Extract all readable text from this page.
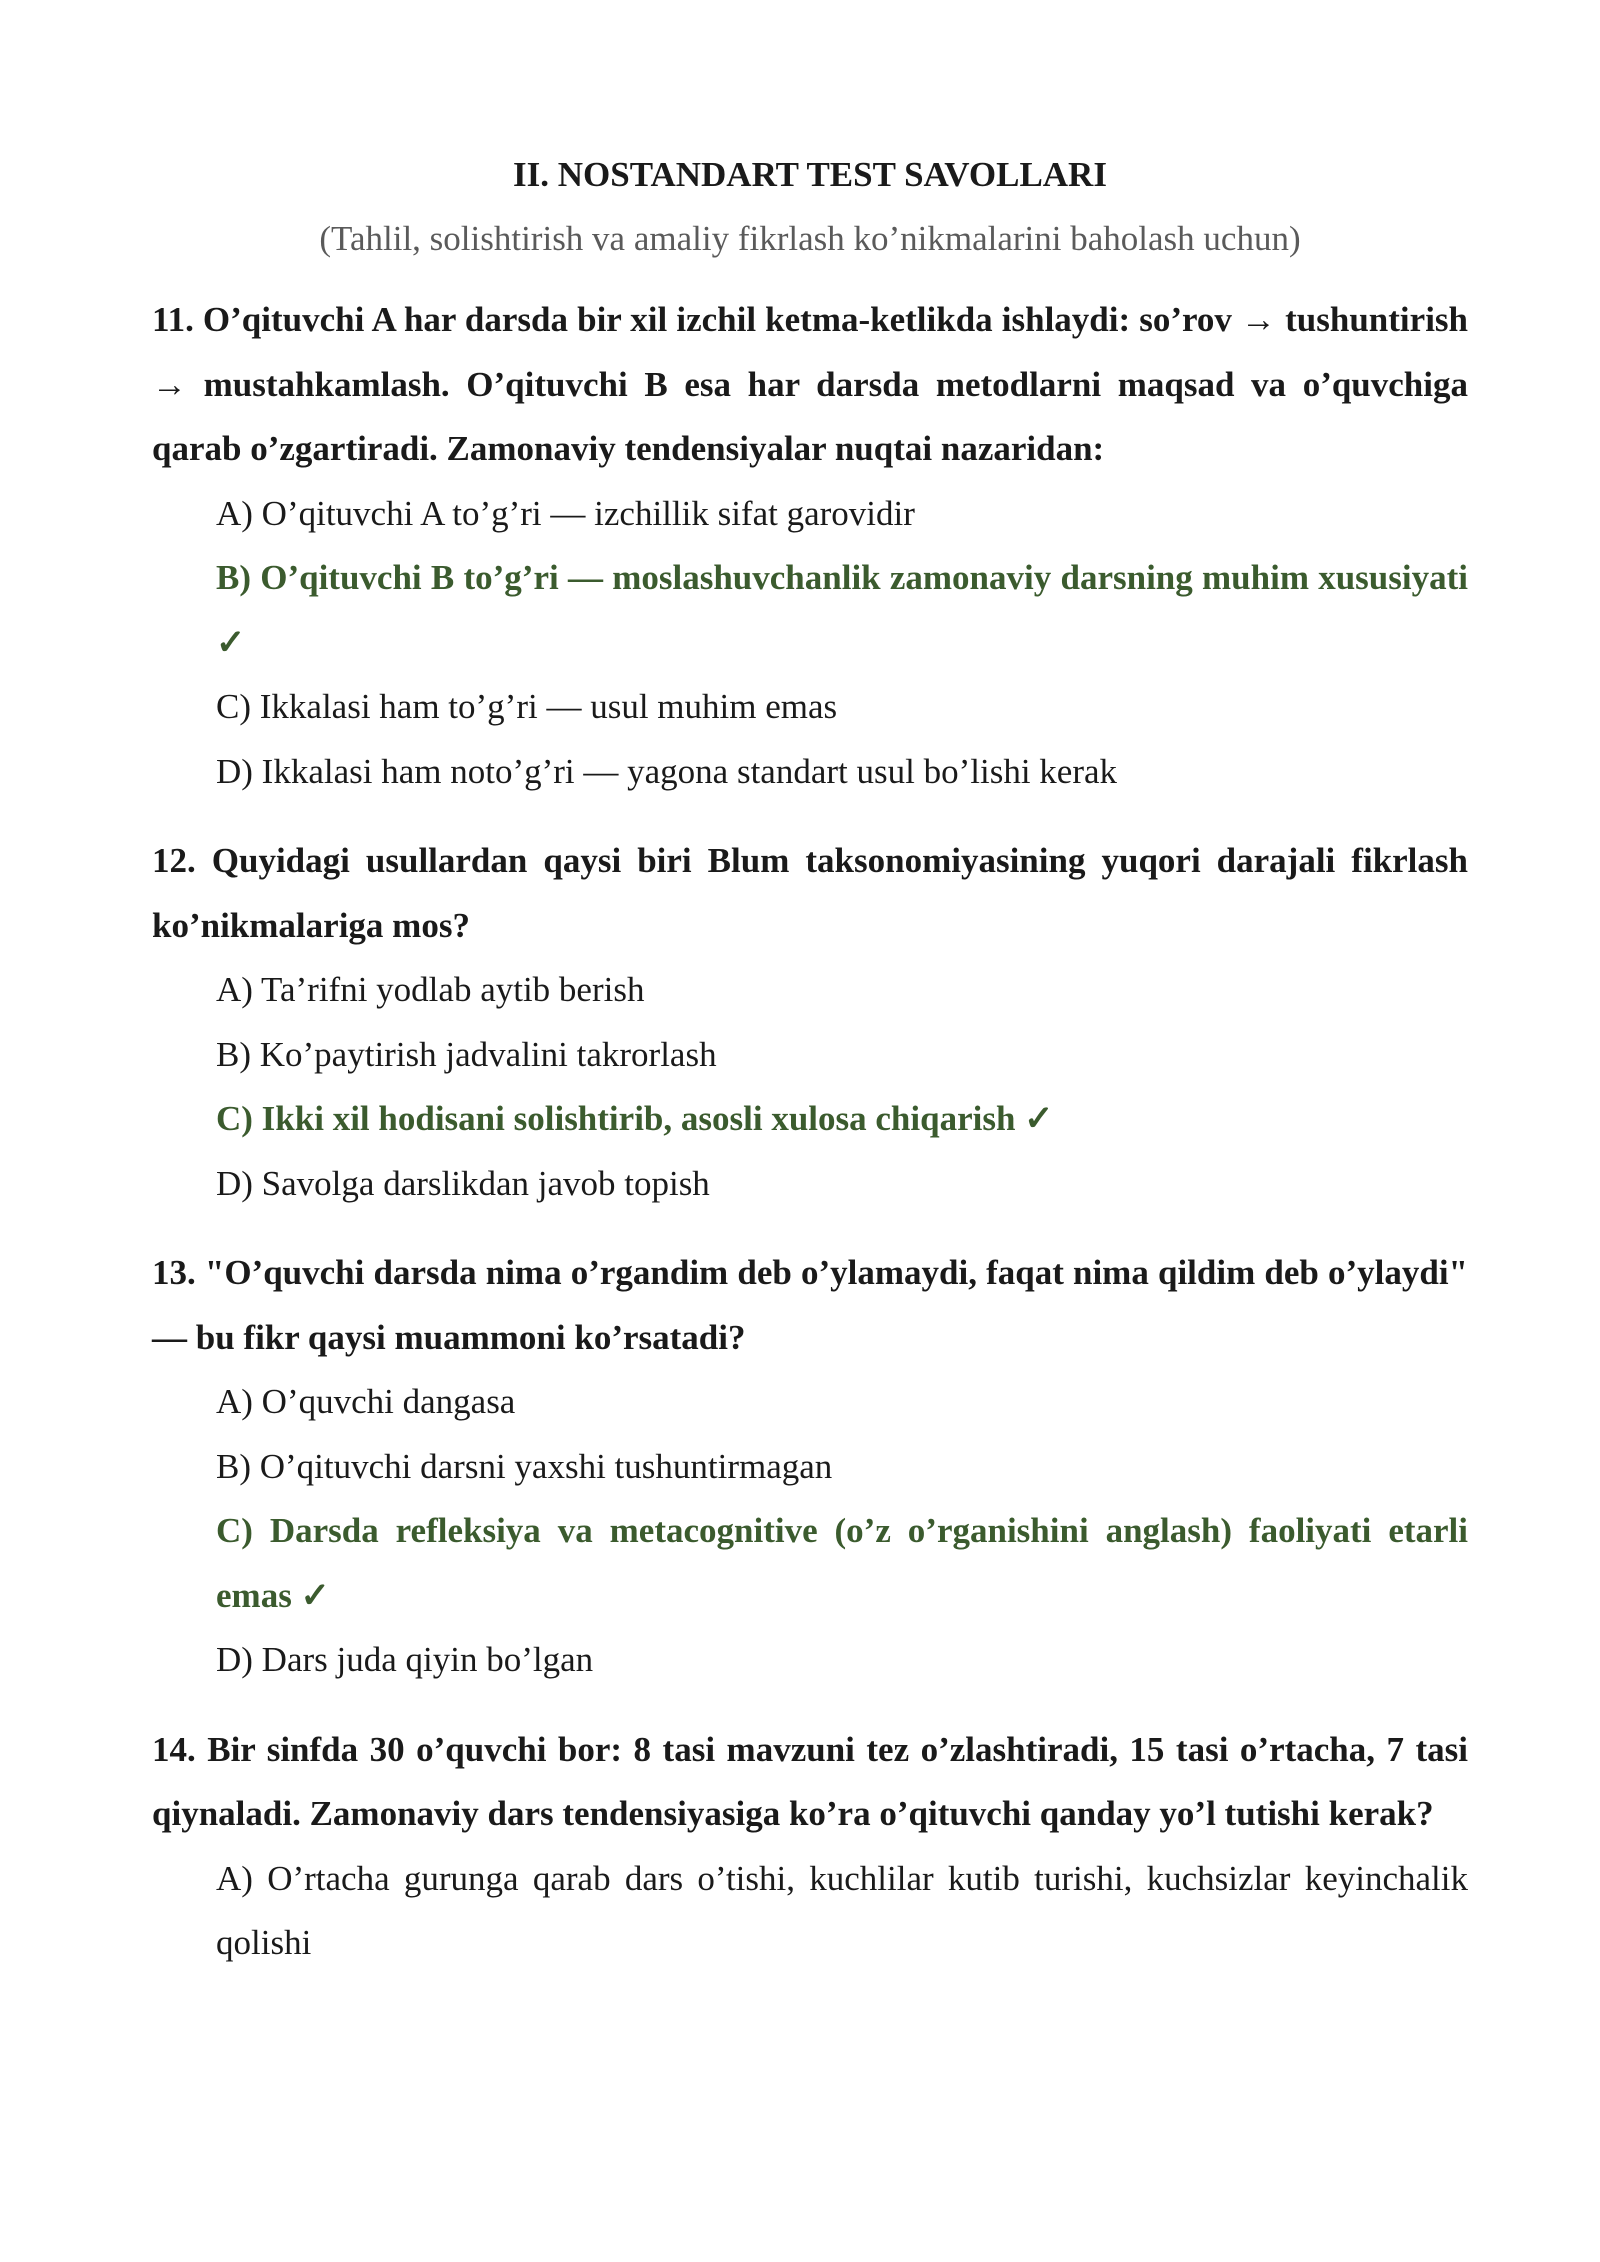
II. NOSTANDART TEST SAVOLLARI

(Tahlil, solishtirish va amaliy fikrlash ko’nikmalarini baholash uchun)

11. O’qituvchi A har darsda bir xil izchil ketma-ketlikda ishlaydi: so’rov → tushuntirish → mustahkamlash. O’qituvchi B esa har darsda metodlarni maqsad va o’quvchiga qarab o’zgartiradi. Zamonaviy tendensiyalar nuqtai nazaridan:

A) O’qituvchi A to’g’ri — izchillik sifat garovidir
B) O’qituvchi B to’g’ri — moslashuvchanlik zamonaviy darsning muhim xususiyati ✓
C) Ikkalasi ham to’g’ri — usul muhim emas
D) Ikkalasi ham noto’g’ri — yagona standart usul bo’lishi kerak

12. Quyidagi usullardan qaysi biri Blum taksonomiyasining yuqori darajali fikrlash ko’nikmalariga mos?

A) Ta’rifni yodlab aytib berish
B) Ko’paytirish jadvalini takrorlash
C) Ikki xil hodisani solishtirib, asosli xulosa chiqarish ✓
D) Savolga darslikdan javob topish

13. "O’quvchi darsda nima o’rgandim deb o’ylamaydi, faqat nima qildim deb o’ylaydi" — bu fikr qaysi muammoni ko’rsatadi?

A) O’quvchi dangasa
B) O’qituvchi darsni yaxshi tushuntirmagan
C) Darsda refleksiya va metacognitive (o’z o’rganishini anglash) faoliyati etarli emas ✓
D) Dars juda qiyin bo’lgan

14. Bir sinfda 30 o’quvchi bor: 8 tasi mavzuni tez o’zlashtiradi, 15 tasi o’rtacha, 7 tasi qiynaladi. Zamonaviy dars tendensiyasiga ko’ra o’qituvchi qanday yo’l tutishi kerak?

A) O’rtacha gurunga qarab dars o’tishi, kuchlilar kutib turishi, kuchsizlar keyinchalik qolishi
